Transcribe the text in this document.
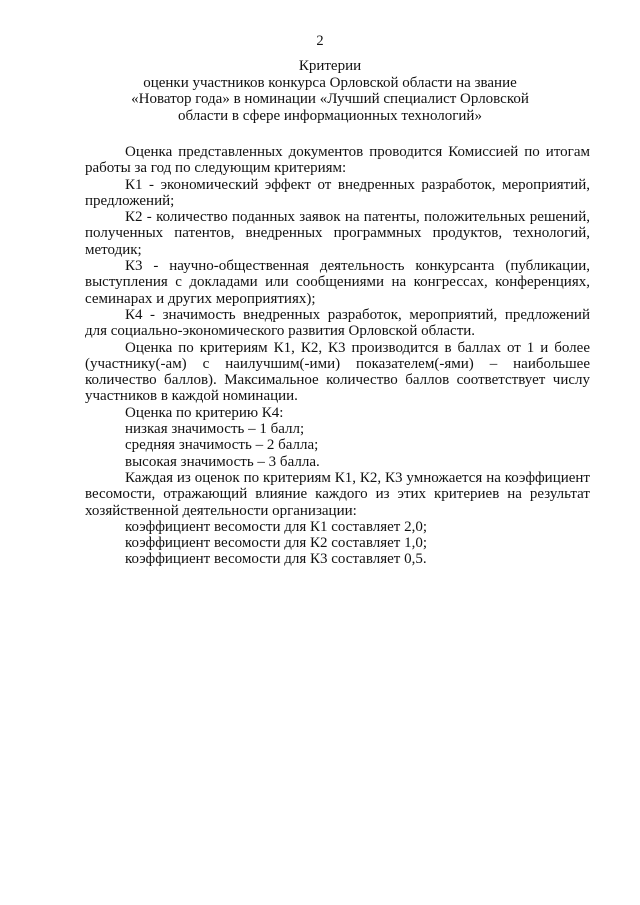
2
Критерии
оценки участников конкурса Орловской области на звание
«Новатор года» в номинации «Лучший специалист Орловской
области в сфере информационных технологий»

Оценка представленных документов проводится Комиссией по итогам работы за год по следующим критериям:

К1 - экономический эффект от внедренных разработок, мероприятий, предложений;

К2 - количество поданных заявок на патенты, положительных решений, полученных патентов, внедренных программных продуктов, технологий, методик;

К3 - научно-общественная деятельность конкурсанта (публикации, выступления с докладами или сообщениями на конгрессах, конференциях, семинарах и других мероприятиях);

К4 - значимость внедренных разработок, мероприятий, предложений для социально-экономического развития Орловской области.

Оценка по критериям К1, К2, К3 производится в баллах от 1 и более (участнику(-ам) с наилучшим(-ими) показателем(-ями) – наибольшее количество баллов). Максимальное количество баллов соответствует числу участников в каждой номинации.

Оценка по критерию К4:

низкая значимость – 1 балл;

средняя значимость – 2 балла;

высокая значимость – 3 балла.

Каждая из оценок по критериям К1, К2, К3 умножается на коэффициент весомости, отражающий влияние каждого из этих критериев на результат хозяйственной деятельности организации:

коэффициент весомости для К1 составляет 2,0;

коэффициент весомости для К2 составляет 1,0;

коэффициент весомости для К3 составляет 0,5.
